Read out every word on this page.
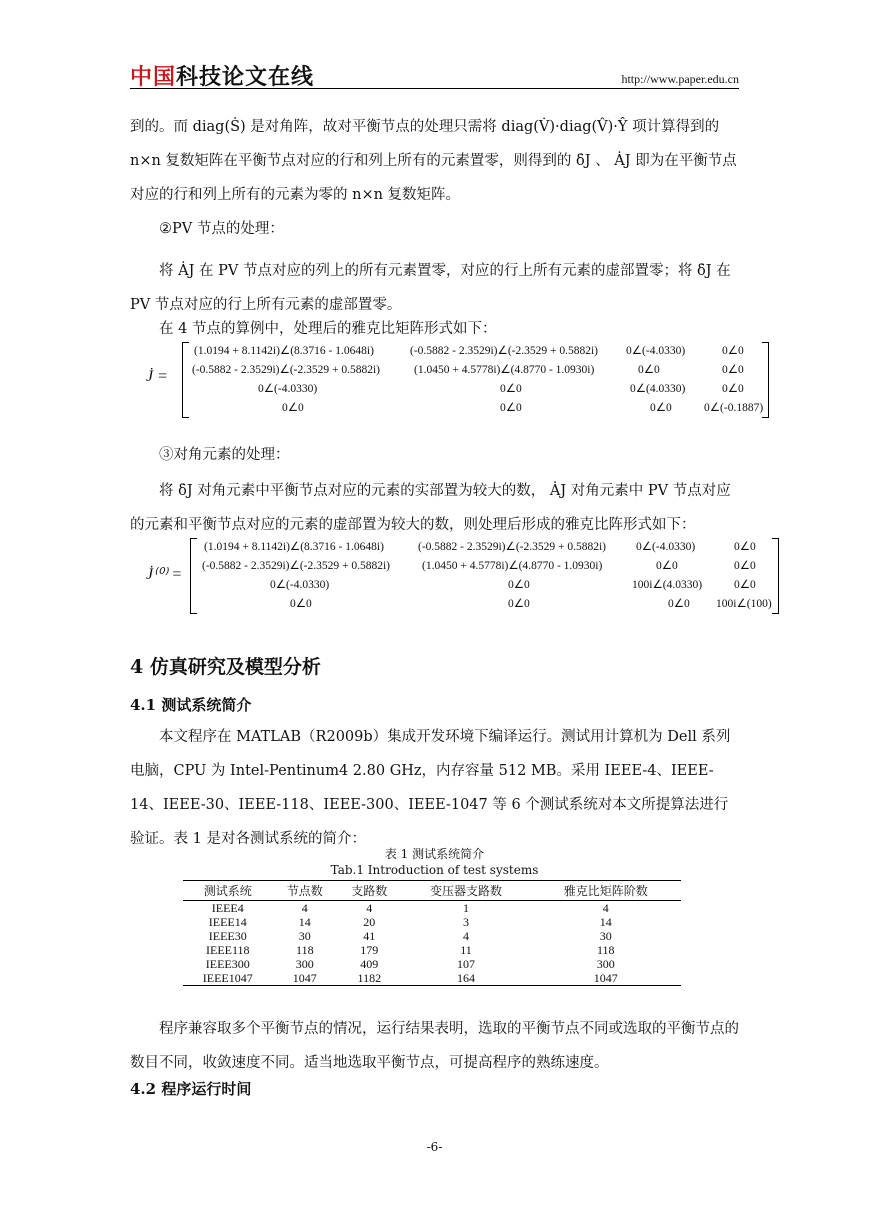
中国科技论文在线	http://www.paper.edu.cn
到的。而 diag(Ṡ) 是对角阵，故对平衡节点的处理只需将 diag(V̇)·diag(V̂)·Ŷ 项计算得到的 n×n 复数矩阵在平衡节点对应的行和列上所有的元素置零，则得到的 δ̇J 、 ȦJ 即为在平衡节点对应的行和列上所有的元素为零的 n×n 复数矩阵。
②PV 节点的处理：
将 ȦJ 在 PV 节点对应的列上的所有元素置零，对应的行上所有元素的虚部置零；将 δ̇J 在 PV 节点对应的行上所有元素的虚部置零。
在 4 节点的算例中，处理后的雅克比矩阵形式如下：
J̇ =
(1.0194 + 8.1142i)∠(8.3716 - 1.0648i)	(-0.5882 - 2.3529i)∠(-2.3529 + 0.5882i) 0∠(-4.0330)	0∠0
(-0.5882 - 2.3529i)∠(-2.3529 + 0.5882i)	(1.0450 + 4.5778i)∠(4.8770 - 1.0930i)	0∠0	0∠0
0∠(-4.0330)	0∠0	0∠(4.0330)	0∠0
0∠0	0∠0	0∠0	0∠(-0.1887)
③对角元素的处理：
将 δ̇J 对角元素中平衡节点对应的元素的实部置为较大的数， ȦJ 对角元素中 PV 节点对应的元素和平衡节点对应的元素的虚部置为较大的数，则处理后形成的雅克比阵形式如下：
J̇⁽⁰⁾ =
(1.0194 + 8.1142i)∠(8.3716 - 1.0648i)	(-0.5882 - 2.3529i)∠(-2.3529 + 0.5882i)	0∠(-4.0330)	0∠0
(-0.5882 - 2.3529i)∠(-2.3529 + 0.5882i)	(1.0450 + 4.5778i)∠(4.8770 - 1.0930i)	0∠0	0∠0
0∠(-4.0330)	0∠0	100i∠(4.0330)	0∠0
0∠0	0∠0	0∠0 100i∠(100)
4 仿真研究及模型分析
4.1 测试系统简介
本文程序在 MATLAB（R2009b）集成开发环境下编译运行。测试用计算机为 Dell 系列电脑，CPU 为 Intel-Pentinum4 2.80 GHz，内存容量 512 MB。采用 IEEE-4、IEEE-14、IEEE-30、IEEE-118、IEEE-300、IEEE-1047 等 6 个测试系统对本文所提算法进行验证。表 1 是对各测试系统的简介：
表 1 测试系统简介
Tab.1 Introduction of test systems
测试系统	节点数	支路数	变压器支路数	雅克比矩阵阶数
IEEE4	4	4	1	4
IEEE14	14	20	3	14
IEEE30	30	41	4	30
IEEE118	118	179	11	118
IEEE300	300	409	107	300
IEEE1047	1047	1182	164	1047
程序兼容取多个平衡节点的情况，运行结果表明，选取的平衡节点不同或选取的平衡节点的数目不同，收敛速度不同。适当地选取平衡节点，可提高程序的熟练速度。
4.2 程序运行时间
-6-
